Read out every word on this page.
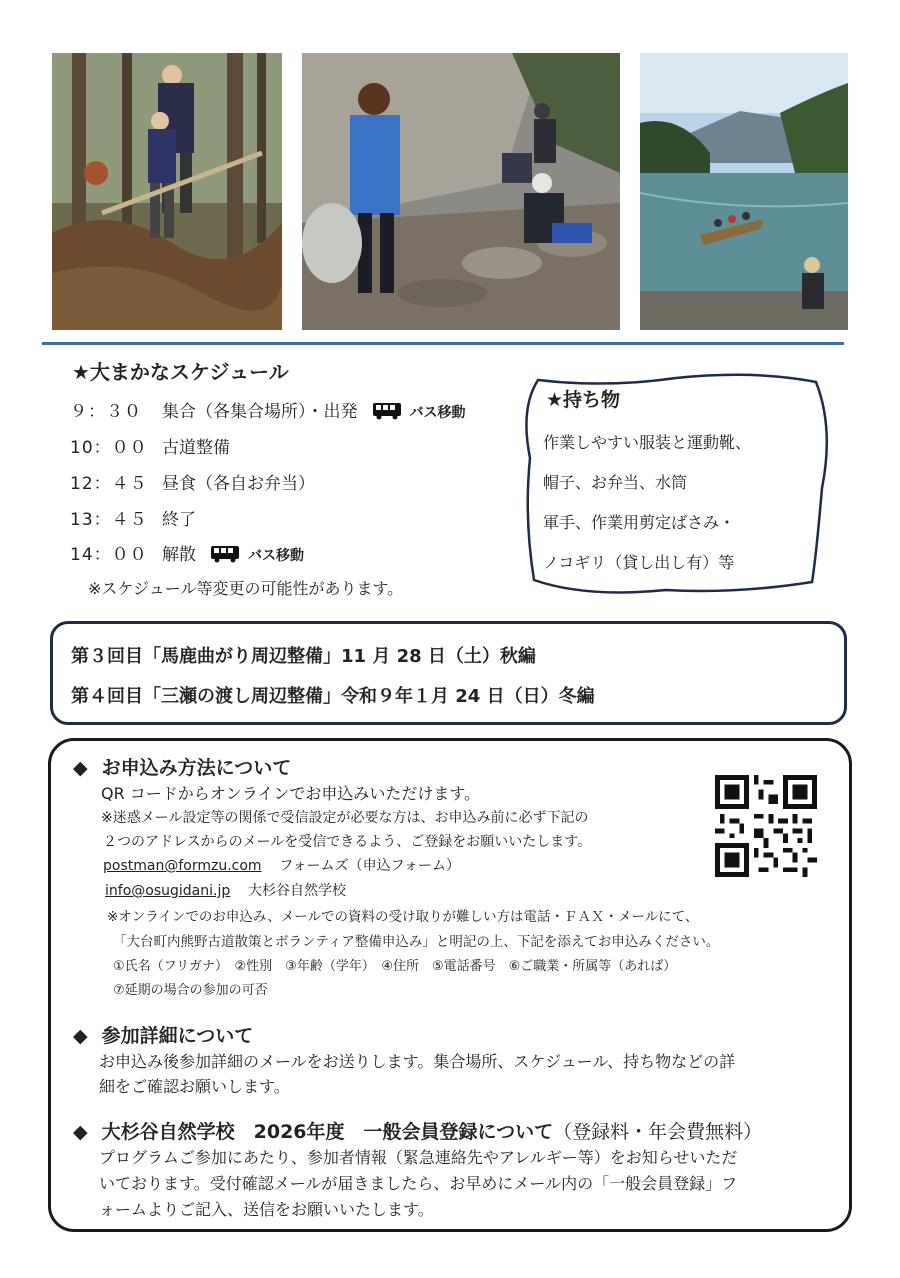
★大まかなスケジュール
９：３０ 集合（各集合場所）・出発	バス移動
10：００ 古道整備
12：４５ 昼食（各自お弁当）
13：４５ 終了
14：００ 解散	バス移動
※スケジュール等変更の可能性があります。
★持ち物
作業しやすい服装と運動靴、
帽子、お弁当、水筒
軍手、作業用剪定ばさみ・
ノコギリ（貸し出し有）等
第３回目「馬鹿曲がり周辺整備」11 月 28 日（土）秋編
第４回目「三瀬の渡し周辺整備」令和９年１月 24 日（日）冬編
◆ お申込み方法について
QR コードからオンラインでお申込みいただけます。
※迷惑メール設定等の関係で受信設定が必要な方は、お申込み前に必ず下記の
２つのアドレスからのメールを受信できるよう、ご登録をお願いいたします。
postman@formzu.com フォームズ（申込フォーム）
info@osugidani.jp 大杉谷自然学校
※オンラインでのお申込み、メールでの資料の受け取りが難しい方は電話・ＦＡＸ・メールにて、
「大台町内熊野古道散策とボランティア整備申込み」と明記の上、下記を添えてお申込みください。
①氏名（フリガナ）　②性別　③年齢（学年）　④住所　⑤電話番号　⑥ご職業・所属等（あれば）
⑦延期の場合の参加の可否
◆ 参加詳細について
お申込み後参加詳細のメールをお送りします。集合場所、スケジュール、持ち物などの詳
細をご確認お願いします。
◆ 大杉谷自然学校　2026年度　一般会員登録について（登録料・年会費無料）
プログラムご参加にあたり、参加者情報（緊急連絡先やアレルギー等）をお知らせいただ
いております。受付確認メールが届きましたら、お早めにメール内の「一般会員登録」フ
ォームよりご記入、送信をお願いいたします。
